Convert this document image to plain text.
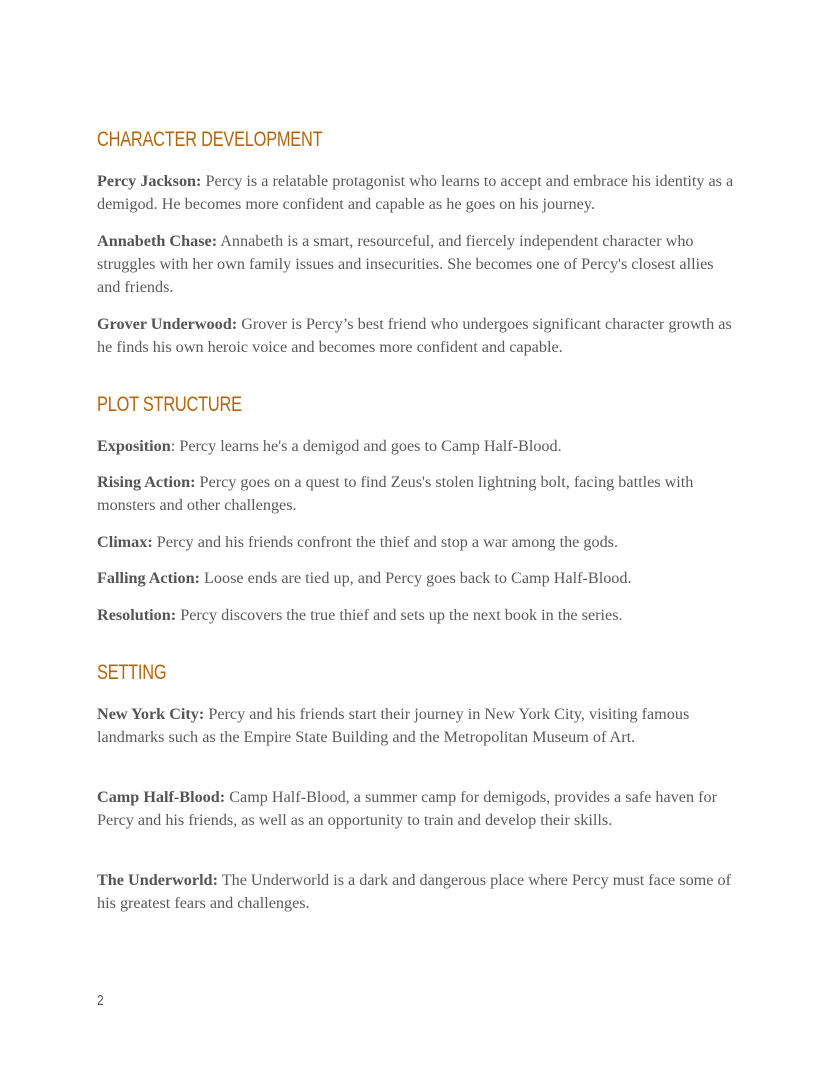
CHARACTER DEVELOPMENT

Percy Jackson: Percy is a relatable protagonist who learns to accept and embrace his identity as a demigod. He becomes more confident and capable as he goes on his journey.

Annabeth Chase: Annabeth is a smart, resourceful, and fiercely independent character who struggles with her own family issues and insecurities. She becomes one of Percy's closest allies and friends.

Grover Underwood: Grover is Percy’s best friend who undergoes significant character growth as he finds his own heroic voice and becomes more confident and capable.

PLOT STRUCTURE

Exposition: Percy learns he's a demigod and goes to Camp Half-Blood.

Rising Action: Percy goes on a quest to find Zeus's stolen lightning bolt, facing battles with monsters and other challenges.

Climax: Percy and his friends confront the thief and stop a war among the gods.

Falling Action: Loose ends are tied up, and Percy goes back to Camp Half-Blood.

Resolution: Percy discovers the true thief and sets up the next book in the series.

SETTING

New York City: Percy and his friends start their journey in New York City, visiting famous landmarks such as the Empire State Building and the Metropolitan Museum of Art.

Camp Half-Blood: Camp Half-Blood, a summer camp for demigods, provides a safe haven for Percy and his friends, as well as an opportunity to train and develop their skills.

The Underworld: The Underworld is a dark and dangerous place where Percy must face some of his greatest fears and challenges.

2
